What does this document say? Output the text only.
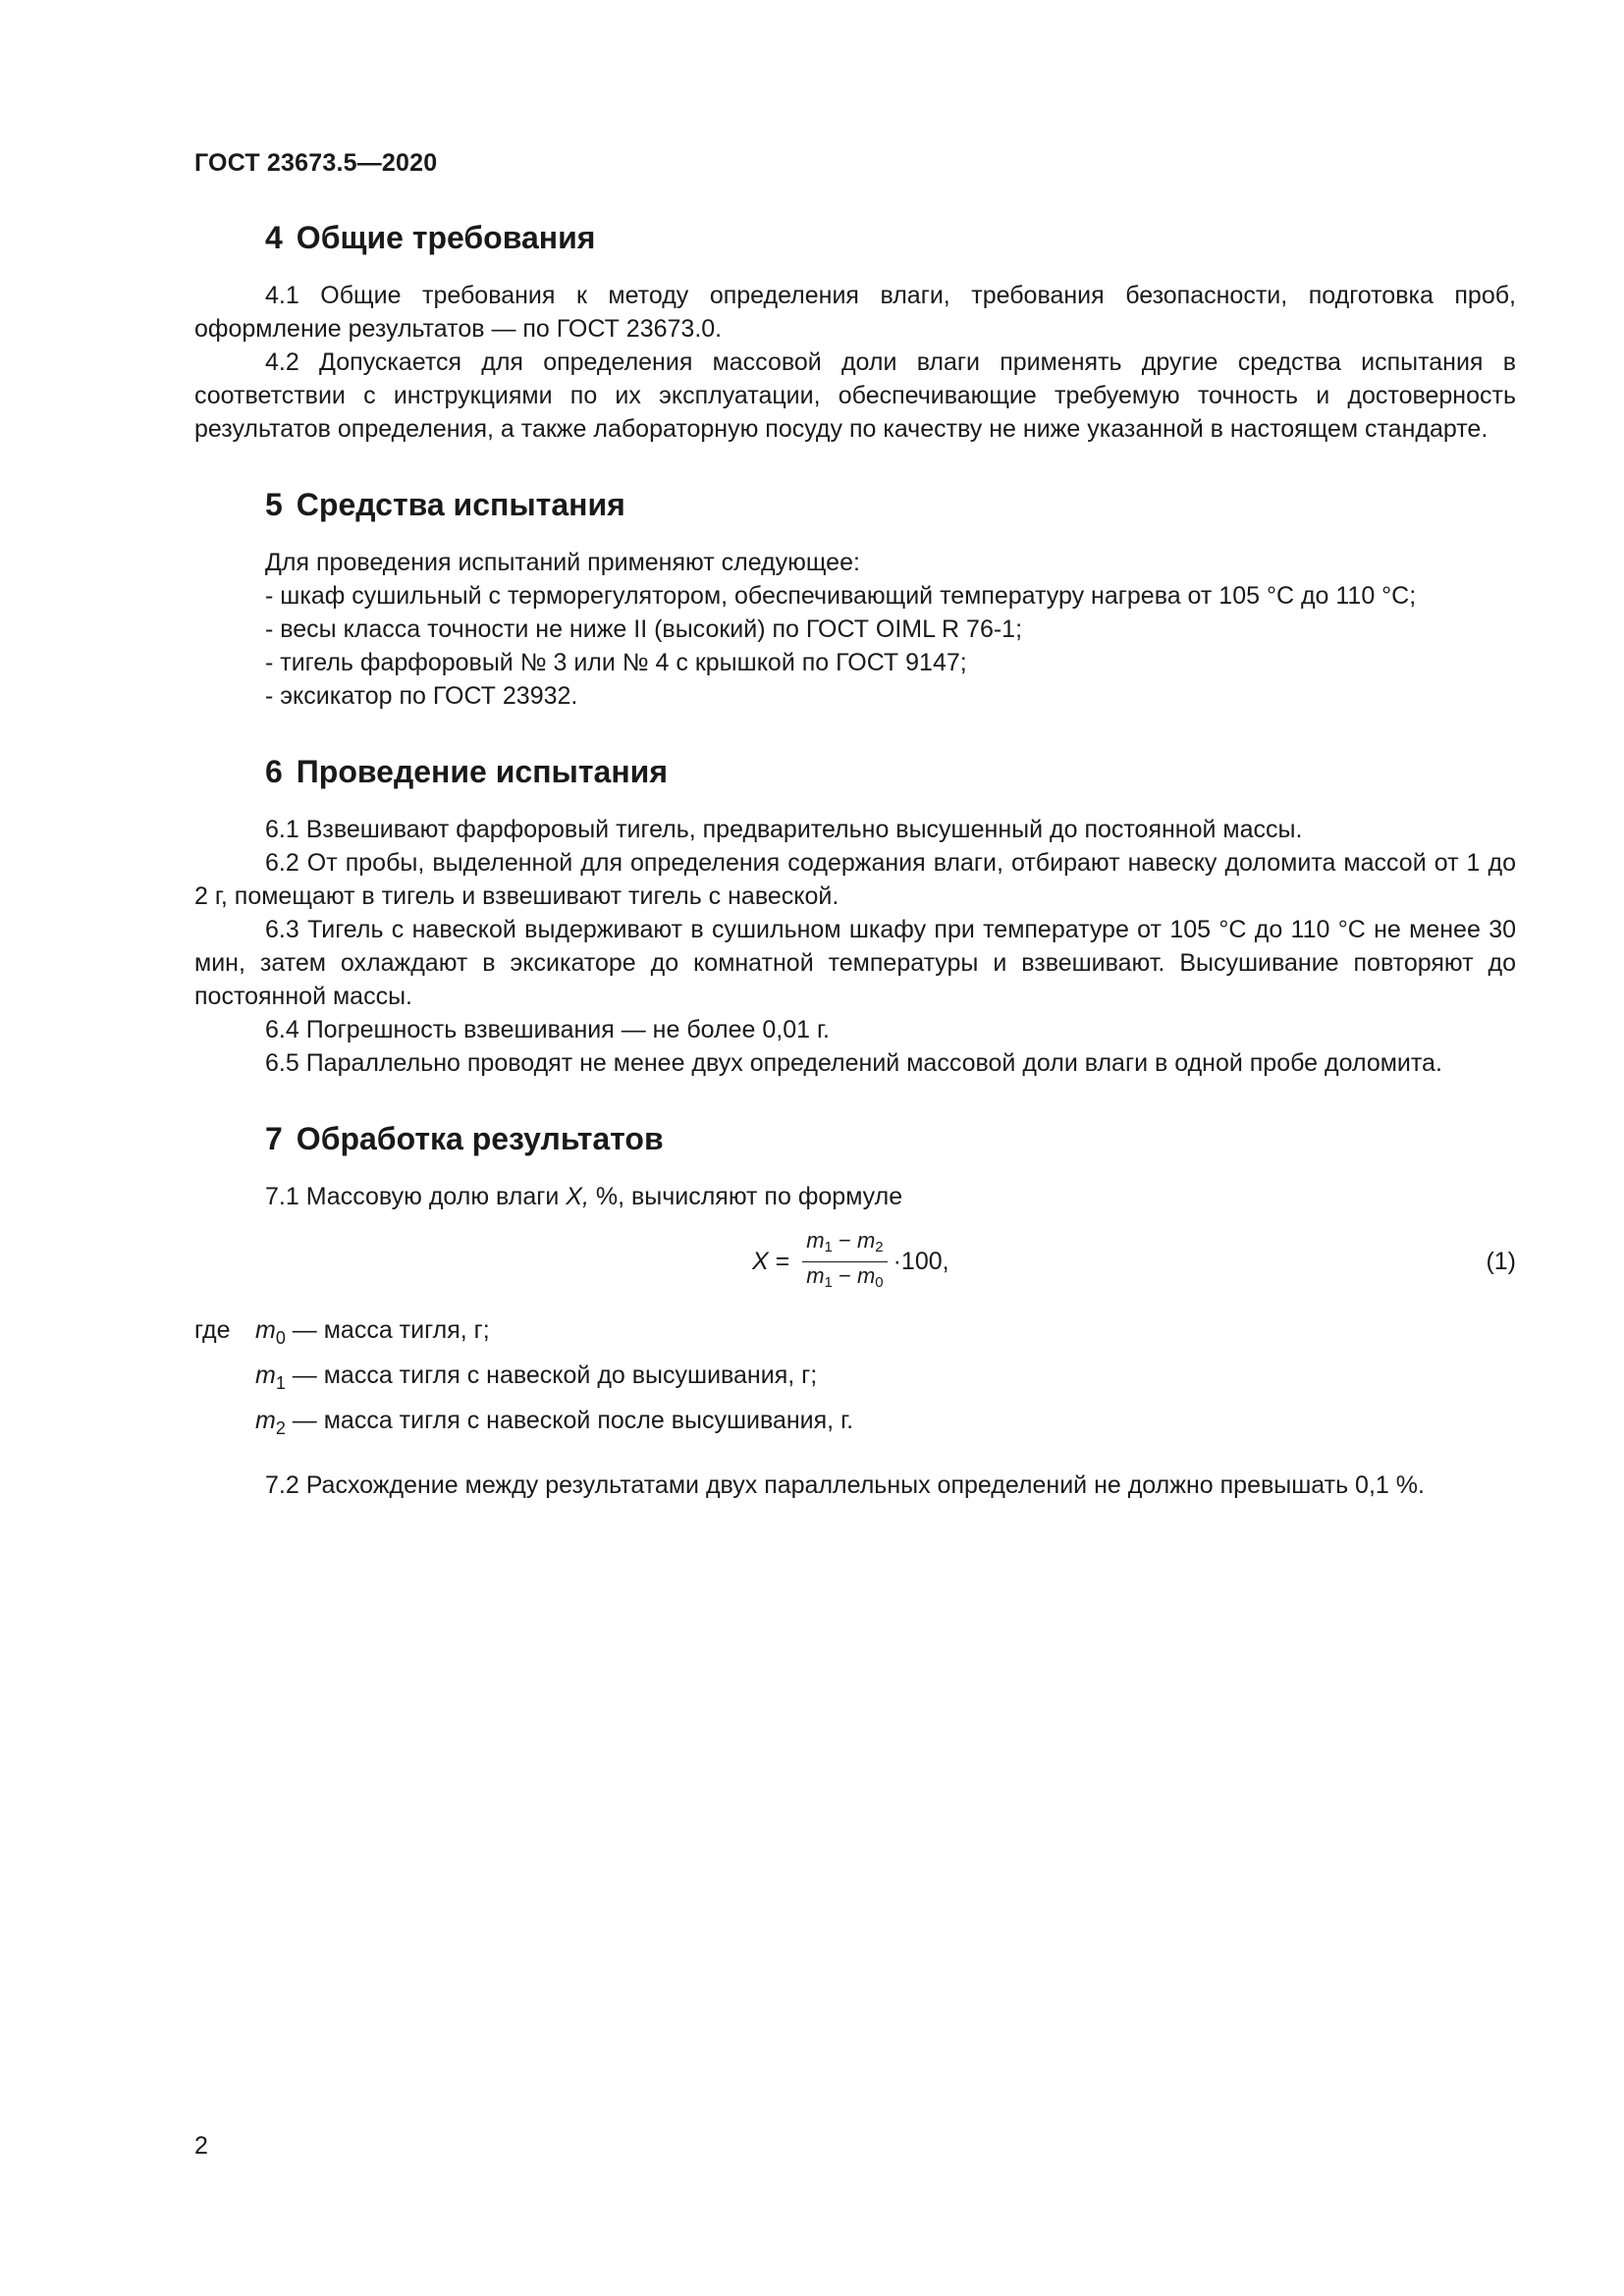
ГОСТ 23673.5—2020
4 Общие требования

4.1 Общие требования к методу определения влаги, требования безопасности, подготовка проб, оформление результатов — по ГОСТ 23673.0.

4.2 Допускается для определения массовой доли влаги применять другие средства испытания в соответствии с инструкциями по их эксплуатации, обеспечивающие требуемую точность и достоверность результатов определения, а также лабораторную посуду по качеству не ниже указанной в настоящем стандарте.

5 Средства испытания

Для проведения испытаний применяют следующее:

- шкаф сушильный с терморегулятором, обеспечивающий температуру нагрева от 105 °С до 110 °С;

- весы класса точности не ниже II (высокий) по ГОСТ OIML R 76-1;

- тигель фарфоровый № 3 или № 4 с крышкой по ГОСТ 9147;

- эксикатор по ГОСТ 23932.

6 Проведение испытания

6.1 Взвешивают фарфоровый тигель, предварительно высушенный до постоянной массы.

6.2 От пробы, выделенной для определения содержания влаги, отбирают навеску доломита массой от 1 до 2 г, помещают в тигель и взвешивают тигель с навеской.

6.3 Тигель с навеской выдерживают в сушильном шкафу при температуре от 105 °С до 110 °С не менее 30 мин, затем охлаждают в эксикаторе до комнатной температуры и взвешивают. Высушивание повторяют до постоянной массы.

6.4 Погрешность взвешивания — не более 0,01 г.

6.5 Параллельно проводят не менее двух определений массовой доли влаги в одной пробе доломита.

7 Обработка результатов

7.1 Массовую долю влаги X, %, вычисляют по формуле

$X = \frac{m_1 - m_2}{m_1 - m_0} \cdot 100$,	(1)
где	$m_0$ — масса тигля, г;
$m_1$ — масса тигля с навеской до высушивания, г;
$m_2$ — масса тигля с навеской после высушивания, г.

7.2 Расхождение между результатами двух параллельных определений не должно превышать 0,1 %.

2
